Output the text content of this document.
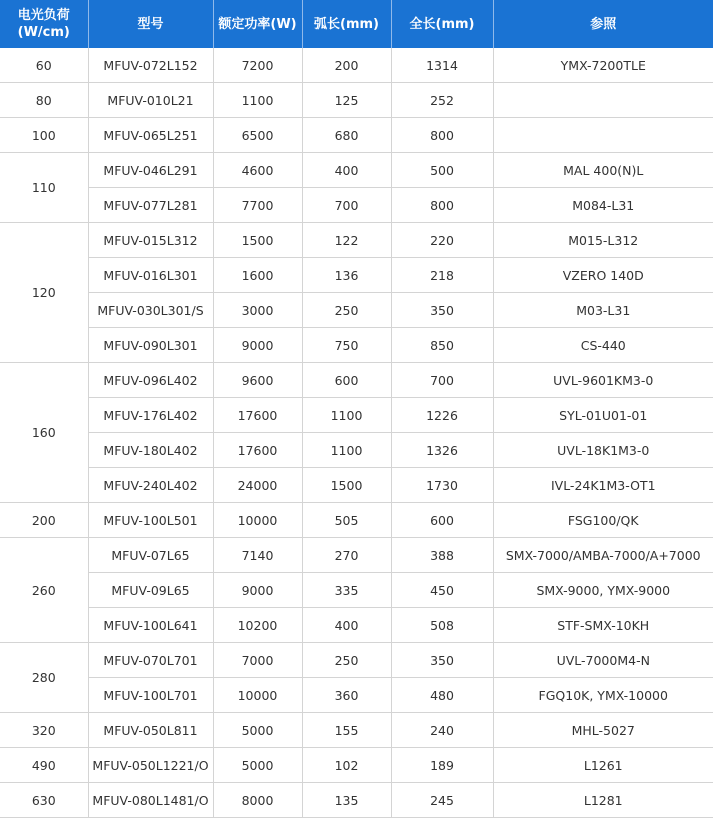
电光负荷(W/cm)	型号	额定功率(W)	弧长(mm)	全长(mm)	参照
60	MFUV-072L152	7200	200	1314	YMX-7200TLE
80	MFUV-010L21	1100	125	252	
100	MFUV-065L251	6500	680	800	
110	MFUV-046L291	4600	400	500	MAL 400(N)L
	MFUV-077L281	7700	700	800	M084-L31
120	MFUV-015L312	1500	122	220	M015-L312
	MFUV-016L301	1600	136	218	VZERO 140D
	MFUV-030L301/S	3000	250	350	M03-L31
	MFUV-090L301	9000	750	850	CS-440
160	MFUV-096L402	9600	600	700	UVL-9601KM3-0
	MFUV-176L402	17600	1100	1226	SYL-01U01-01
	MFUV-180L402	17600	1100	1326	UVL-18K1M3-0
	MFUV-240L402	24000	1500	1730	IVL-24K1M3-OT1
200	MFUV-100L501	10000	505	600	FSG100/QK
260	MFUV-07L65	7140	270	388	SMX-7000/AMBA-7000/A+7000
	MFUV-09L65	9000	335	450	SMX-9000, YMX-9000
	MFUV-100L641	10200	400	508	STF-SMX-10KH
280	MFUV-070L701	7000	250	350	UVL-7000M4-N
	MFUV-100L701	10000	360	480	FGQ10K, YMX-10000
320	MFUV-050L811	5000	155	240	MHL-5027
490	MFUV-050L1221/O	5000	102	189	L1261
630	MFUV-080L1481/O	8000	135	245	L1281
